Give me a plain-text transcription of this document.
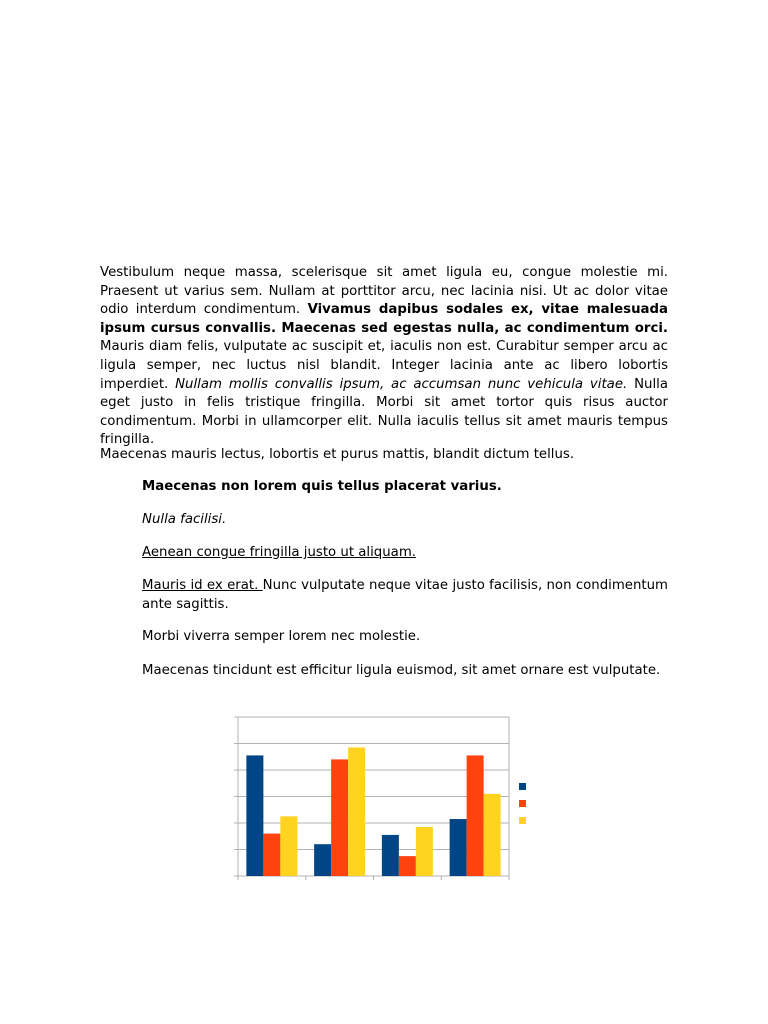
Vestibulum neque massa, scelerisque sit amet ligula eu, congue molestie mi. Praesent ut varius sem. Nullam at porttitor arcu, nec lacinia nisi. Ut ac dolor vitae odio interdum condimentum. Vivamus dapibus sodales ex, vitae malesuada ipsum cursus convallis. Maecenas sed egestas nulla, ac condimentum orci. Mauris diam felis, vulputate ac suscipit et, iaculis non est. Curabitur semper arcu ac ligula semper, nec luctus nisl blandit. Integer lacinia ante ac libero lobortis imperdiet. Nullam mollis convallis ipsum, ac accumsan nunc vehicula vitae. Nulla eget justo in felis tristique fringilla. Morbi sit amet tortor quis risus auctor condimentum. Morbi in ullamcorper elit. Nulla iaculis tellus sit amet mauris tempus fringilla.

Maecenas mauris lectus, lobortis et purus mattis, blandit dictum tellus.

Maecenas non lorem quis tellus placerat varius.

Nulla facilisi.

Aenean congue fringilla justo ut aliquam.

Mauris id ex erat. Nunc vulputate neque vitae justo facilisis, non condimentum ante sagittis.

Morbi viverra semper lorem nec molestie.

Maecenas tincidunt est efficitur ligula euismod, sit amet ornare est vulputate.
